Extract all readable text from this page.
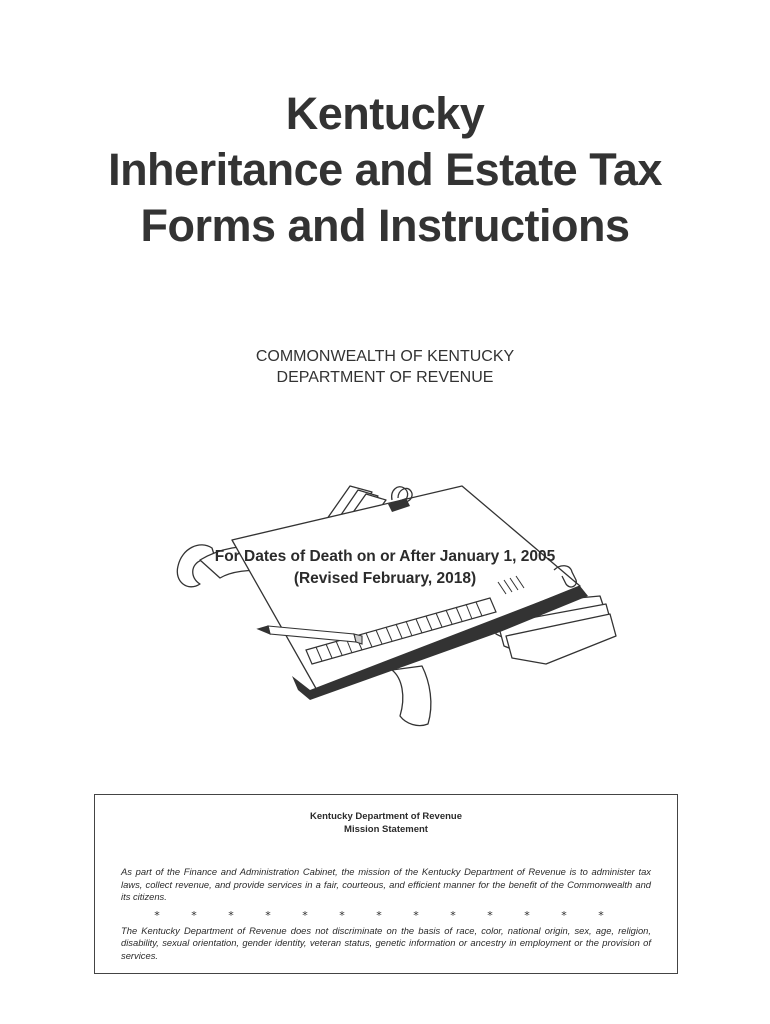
Kentucky
Inheritance and Estate Tax
Forms and Instructions
COMMONWEALTH OF KENTUCKY
DEPARTMENT OF REVENUE
For Dates of Death on or After January 1, 2005
(Revised February, 2018)
Kentucky Department of Revenue
Mission Statement
As part of the Finance and Administration Cabinet, the mission of the Kentucky Department of Revenue is to administer tax laws, collect revenue, and provide services in a fair, courteous, and efficient manner for the benefit of the Commonwealth and its citizens.
* * * * * * * * * * * * *
The Kentucky Department of Revenue does not discriminate on the basis of race, color, national origin, sex, age, religion, disability, sexual orientation, gender identity, veteran status, genetic information or ancestry in employment or the provision of services.
